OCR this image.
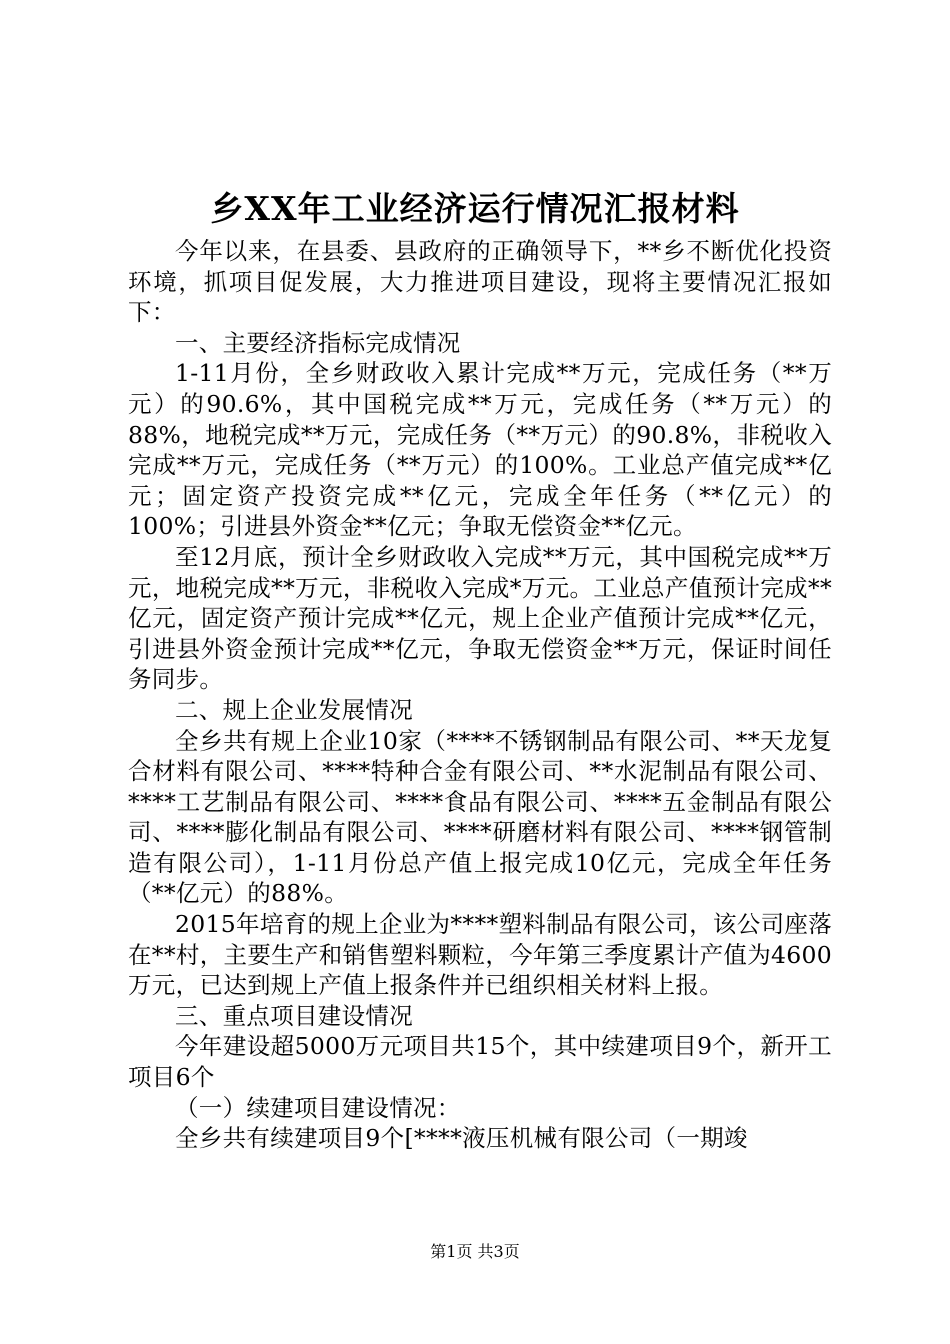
乡XX年工业经济运行情况汇报材料

今年以来，在县委、县政府的正确领导下，**乡不断优化投资环境，抓项目促发展，大力推进项目建设，现将主要情况汇报如下：

一、主要经济指标完成情况

1-11月份，全乡财政收入累计完成**万元，完成任务（**万元）的90.6%，其中国税完成**万元，完成任务（**万元）的88%，地税完成**万元，完成任务（**万元）的90.8%，非税收入完成**万元，完成任务（**万元）的100%。工业总产值完成**亿元；固定资产投资完成**亿元，完成全年任务（**亿元）的100%；引进县外资金**亿元；争取无偿资金**亿元。

至12月底，预计全乡财政收入完成**万元，其中国税完成**万元，地税完成**万元，非税收入完成*万元。工业总产值预计完成**亿元，固定资产预计完成**亿元，规上企业产值预计完成**亿元，引进县外资金预计完成**亿元，争取无偿资金**万元，保证时间任务同步。

二、规上企业发展情况

全乡共有规上企业10家（****不锈钢制品有限公司、**天龙复合材料有限公司、****特种合金有限公司、**水泥制品有限公司、****工艺制品有限公司、****食品有限公司、****五金制品有限公司、****膨化制品有限公司、****研磨材料有限公司、****钢管制造有限公司），1-11月份总产值上报完成10亿元，完成全年任务（**亿元）的88%。

2015年培育的规上企业为****塑料制品有限公司，该公司座落在**村，主要生产和销售塑料颗粒，今年第三季度累计产值为4600万元，已达到规上产值上报条件并已组织相关材料上报。

三、重点项目建设情况

今年建设超5000万元项目共15个，其中续建项目9个，新开工项目6个

（一）续建项目建设情况：

全乡共有续建项目9个[****液压机械有限公司（一期竣

第1页 共3页
